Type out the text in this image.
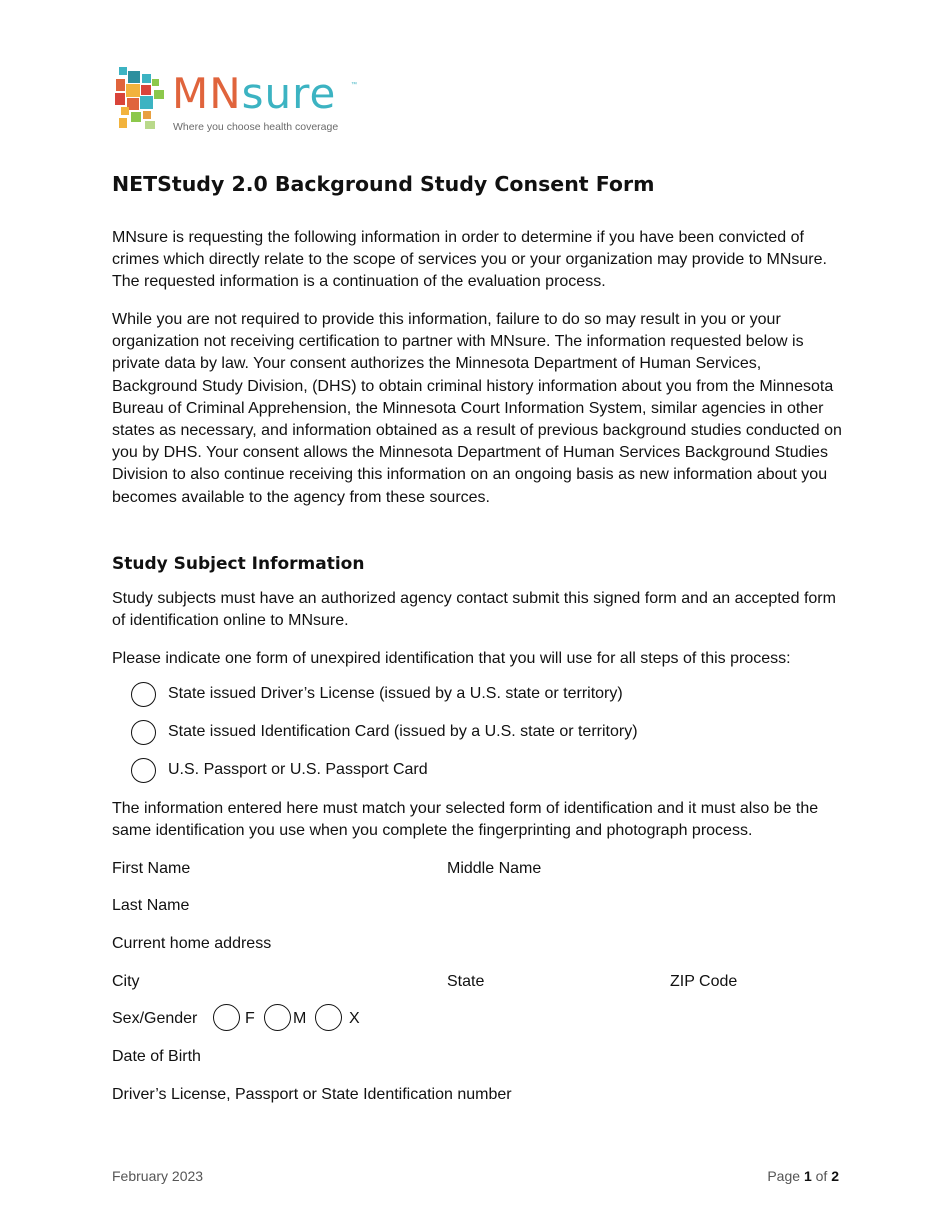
MNsure ™
Where you choose health coverage
NETStudy 2.0 Background Study Consent Form

MNsure is requesting the following information in order to determine if you have been convicted of crimes which directly relate to the scope of services you or your organization may provide to MNsure. The requested information is a continuation of the evaluation process.

While you are not required to provide this information, failure to do so may result in you or your organization not receiving certification to partner with MNsure. The information requested below is private data by law. Your consent authorizes the Minnesota Department of Human Services, Background Study Division, (DHS) to obtain criminal history information about you from the Minnesota Bureau of Criminal Apprehension, the Minnesota Court Information System, similar agencies in other states as necessary, and information obtained as a result of previous background studies conducted on you by DHS. Your consent allows the Minnesota Department of Human Services Background Studies Division to also continue receiving this information on an ongoing basis as new information about you becomes available to the agency from these sources.

Study Subject Information

Study subjects must have an authorized agency contact submit this signed form and an accepted form of identification online to MNsure.

Please indicate one form of unexpired identification that you will use for all steps of this process:

State issued Driver’s License (issued by a U.S. state or territory)
State issued Identification Card (issued by a U.S. state or territory)
U.S. Passport or U.S. Passport Card

The information entered here must match your selected form of identification and it must also be the same identification you use when you complete the fingerprinting and photograph process.

First Name	Middle Name
Last Name
Current home address
City	State	ZIP Code
Sex/Gender	F M	X
Date of Birth
Driver’s License, Passport or State Identification number
February 2023	Page 1 of 2
